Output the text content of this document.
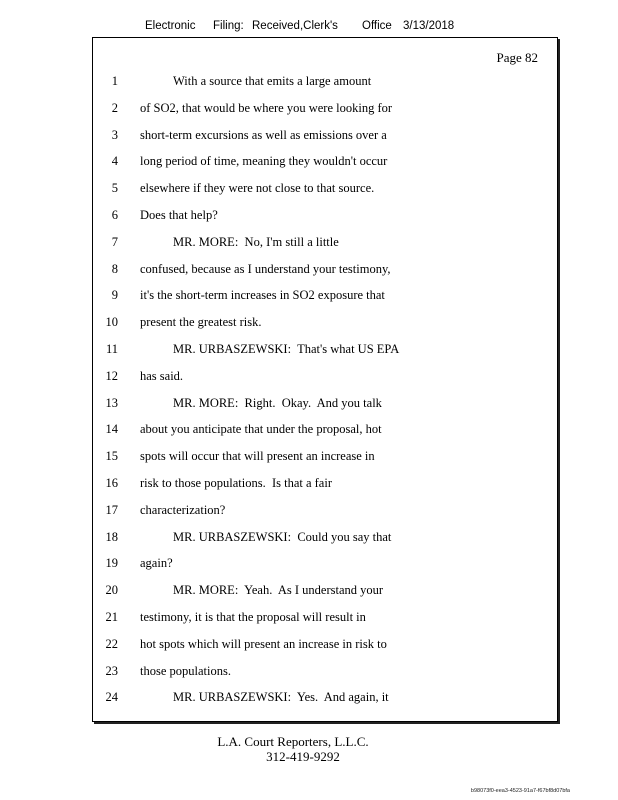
Electronic

Filing:

Received,Clerk's

Office

3/13/2018

Page 82
1	With a source that emits a large amount
2 of SO2, that would be where you were looking for
3 short-term excursions as well as emissions over a
4 long period of time, meaning they wouldn't occur
5 elsewhere if they were not close to that source.
6 Does that help?
7	MR. MORE:  No, I'm still a little
8 confused, because as I understand your testimony,
9 it's the short-term increases in SO2 exposure that
10 present the greatest risk.
11	MR. URBASZEWSKI:  That's what US EPA
12 has said.
13	MR. MORE:  Right.  Okay.  And you talk
14 about you anticipate that under the proposal, hot
15 spots will occur that will present an increase in
16 risk to those populations.  Is that a fair
17 characterization?
18	MR. URBASZEWSKI:  Could you say that
19 again?
20	MR. MORE:  Yeah.  As I understand your
21 testimony, it is that the proposal will result in
22 hot spots which will present an increase in risk to
23 those populations.
24	MR. URBASZEWSKI:  Yes.  And again, it
L.A. Court Reporters, L.L.C.
312-419-9292
b98073f0-eea3-4523-91a7-f67bf8d07bfa
